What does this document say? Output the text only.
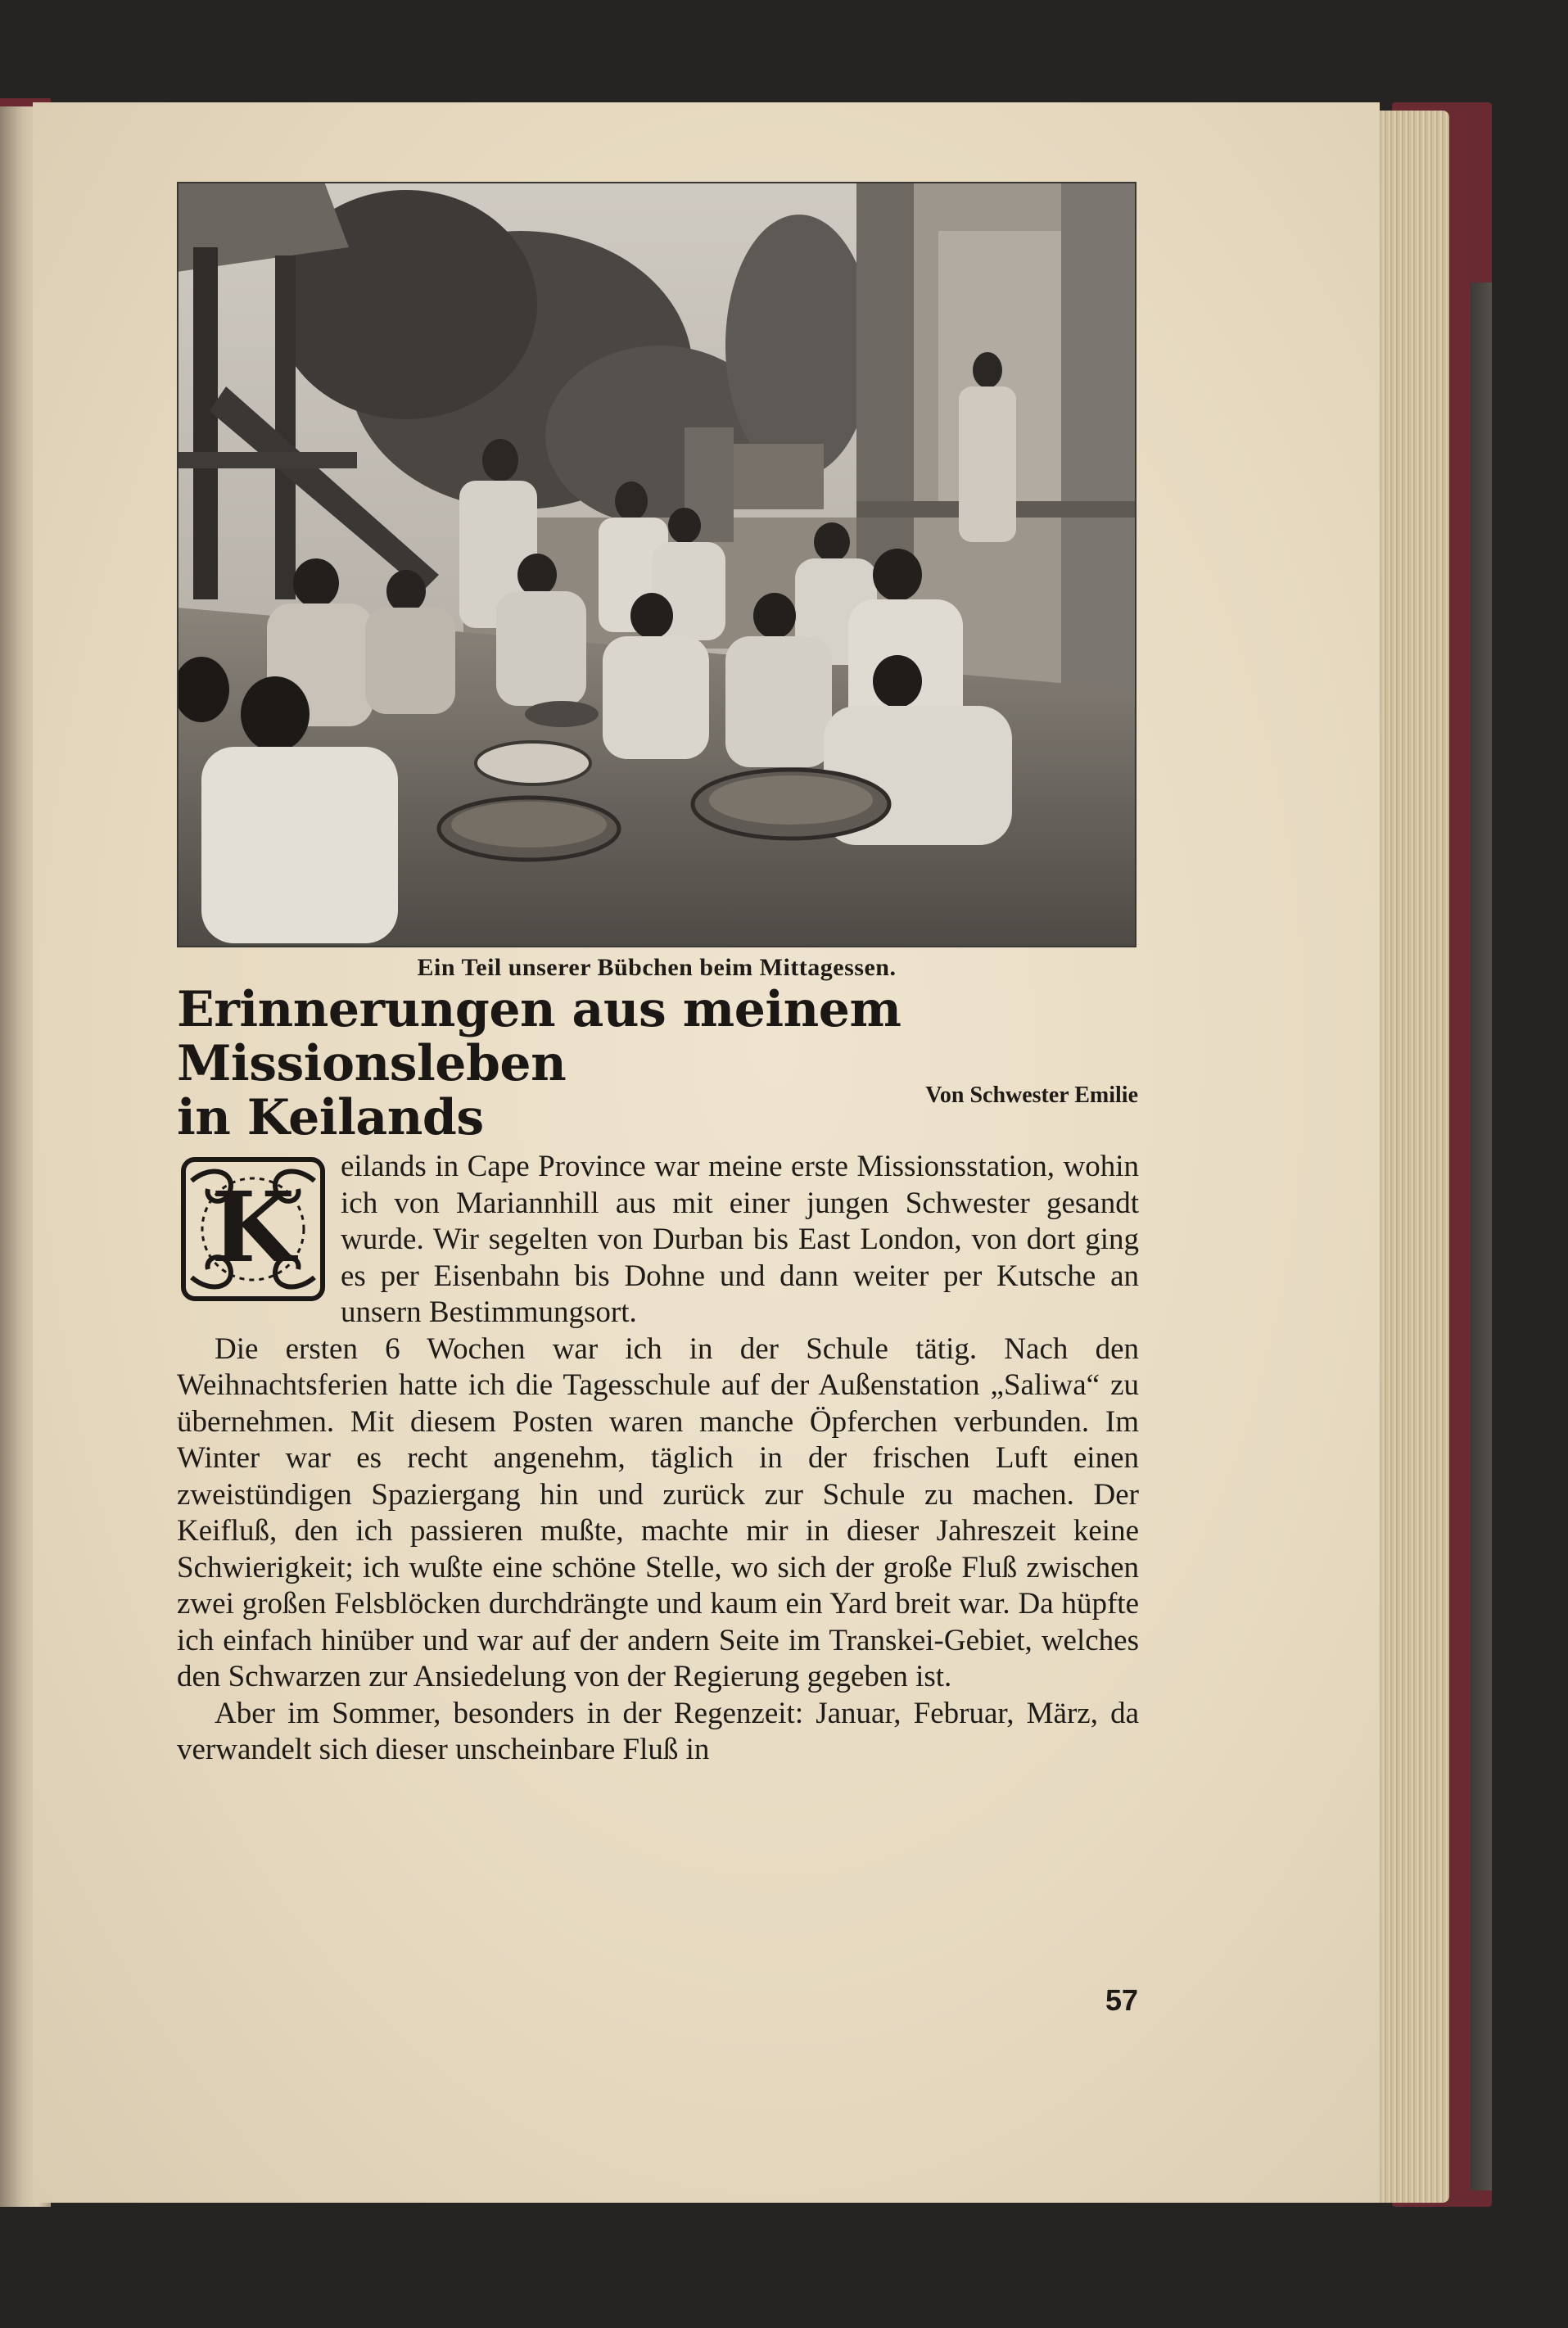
Ein Teil unserer Bübchen beim Mittagessen.
Erinnerungen aus meinem Missionsleben
in Keilands	Von Schwester Emilie

eilands in Cape Province war meine erste Missionsstation, wohin ich von Mariannhill aus mit einer jungen Schwester gesandt wurde. Wir segelten von Durban bis East London, von dort ging es per Eisenbahn bis Dohne und dann weiter per Kutsche an unsern Bestimmungsort.

Die ersten 6 Wochen war ich in der Schule tätig. Nach den Weihnachtsferien hatte ich die Tagesschule auf der Außenstation „Saliwa“ zu übernehmen. Mit diesem Posten waren manche Öpferchen verbunden. Im Winter war es recht angenehm, täglich in der frischen Luft einen zweistündigen Spaziergang hin und zurück zur Schule zu machen. Der Keifluß, den ich passieren mußte, machte mir in dieser Jahreszeit keine Schwierigkeit; ich wußte eine schöne Stelle, wo sich der große Fluß zwischen zwei großen Felsblöcken durchdrängte und kaum ein Yard breit war. Da hüpfte ich einfach hinüber und war auf der andern Seite im Transkei-Gebiet, welches den Schwarzen zur Ansiedelung von der Regierung gegeben ist.

Aber im Sommer, besonders in der Regenzeit: Januar, Februar, März, da verwandelt sich dieser unscheinbare Fluß in

K
57
